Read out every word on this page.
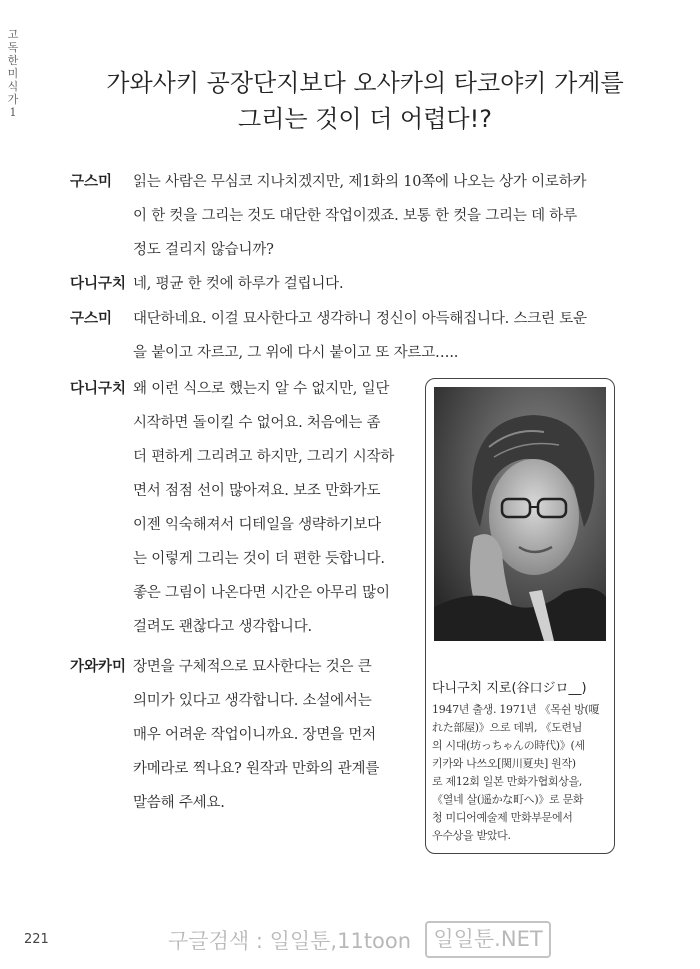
고
독
한
미
식
가
1
가와사키 공장단지보다 오사카의 타코야키 가게를
그리는 것이 더 어렵다!?
구스미	읽는 사람은 무심코 지나치겠지만, 제1화의 10쪽에 나오는 상가 이로하카
이 한 컷을 그리는 것도 대단한 작업이겠죠. 보통 한 컷을 그리는 데 하루
정도 걸리지 않습니까?
다니구치 네, 평균 한 컷에 하루가 걸립니다.
구스미	대단하네요. 이걸 묘사한다고 생각하니 정신이 아득해집니다. 스크린 토운
을 붙이고 자르고, 그 위에 다시 붙이고 또 자르고…..
다니구치 왜 이런 식으로 했는지 알 수 없지만, 일단
시작하면 돌이킬 수 없어요. 처음에는 좀
더 편하게 그리려고 하지만, 그리기 시작하
면서 점점 선이 많아져요. 보조 만화가도
이젠 익숙해져서 디테일을 생략하기보다
는 이렇게 그리는 것이 더 편한 듯합니다.
좋은 그림이 나온다면 시간은 아무리 많이
걸려도 괜찮다고 생각합니다.
가와카미 장면을 구체적으로 묘사한다는 것은 큰
의미가 있다고 생각합니다. 소설에서는
매우 어려운 작업이니까요. 장면을 먼저
카메라로 찍나요? 원작과 만화의 관계를
말씀해 주세요.
다니구치 지로(谷口ジロ__)
1947년 출생. 1971년 《목쉰 방(嗄
れた部屋)》으로 데뷔, 《도련님
의 시대(坊っちゃんの時代)》(세
키카와 나쓰오[関川夏央] 원작)
로 제12회 일본 만화가협회상을,
《열네 살(遥かな町へ)》로 문화
청 미디어예술제 만화부문에서
우수상을 받았다.
221	구글검색 : 일일툰,11toon	일일툰.NET
